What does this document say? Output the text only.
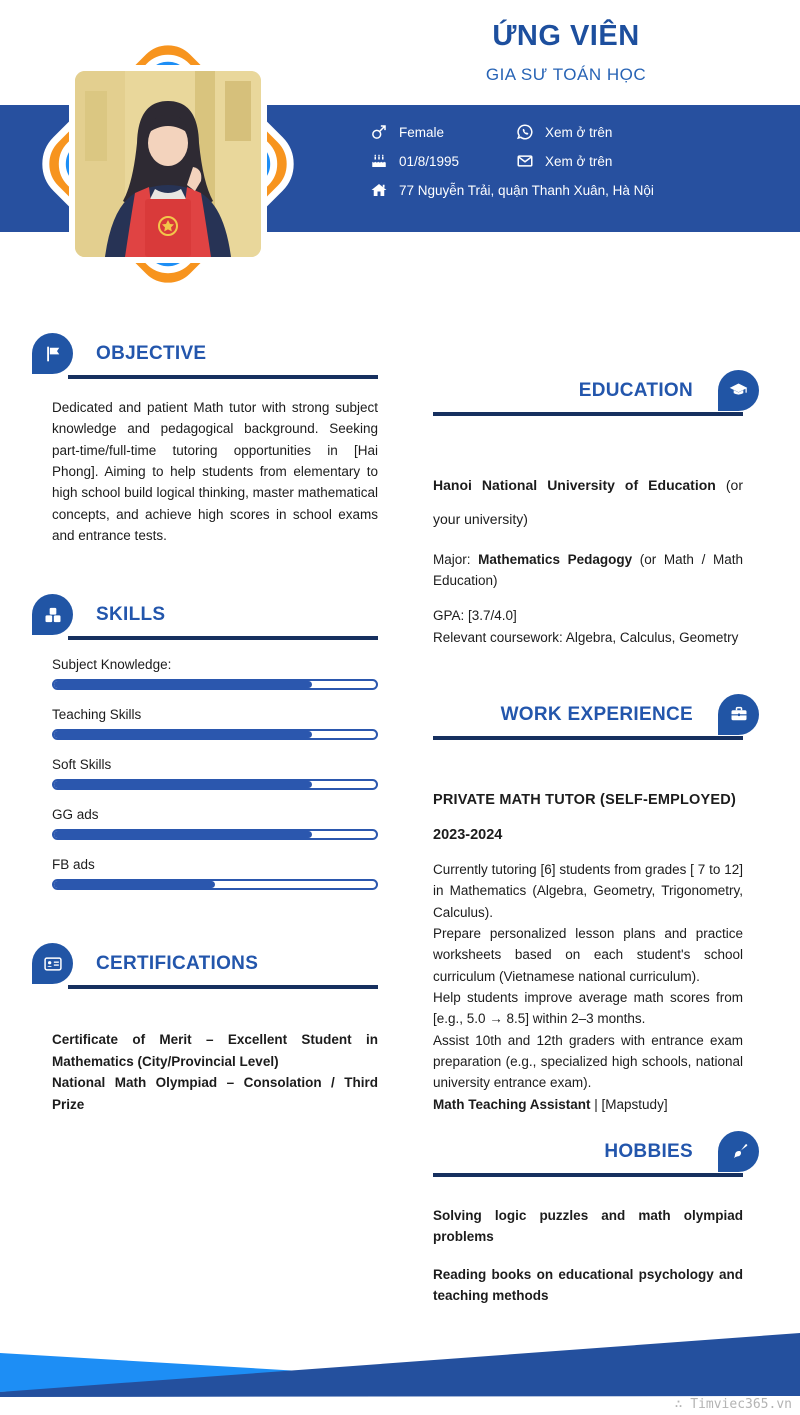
ỨNG VIÊN
GIA SƯ TOÁN HỌC
Female	Xem ở trên
01/8/1995	Xem ở trên
77 Nguyễn Trải, quận Thanh Xuân, Hà Nội
OBJECTIVE

Dedicated and patient Math tutor with strong subject knowledge and pedagogical background. Seeking part-time/full-time tutoring opportunities in [Hai Phong]. Aiming to help students from elementary to high school build logical thinking, master mathematical concepts, and achieve high scores in school exams and entrance tests.

SKILLS
Subject Knowledge:
Teaching Skills
Soft Skills
GG ads
FB ads
CERTIFICATIONS

Certificate of Merit – Excellent Student in Mathematics (City/Provincial Level)

National Math Olympiad – Consolation / Third Prize

EDUCATION

Hanoi National University of Education (or your university)

Major: Mathematics Pedagogy (or Math / Math Education)

GPA: [3.7/4.0]

Relevant coursework: Algebra, Calculus, Geometry

WORK EXPERIENCE

PRIVATE MATH TUTOR (SELF-EMPLOYED)

2023-2024

Currently tutoring [6] students from grades [ 7 to 12] in Mathematics (Algebra, Geometry, Trigonometry, Calculus).

Prepare personalized lesson plans and practice worksheets based on each student's school curriculum (Vietnamese national curriculum).

Help students improve average math scores from [e.g., 5.0 → 8.5] within 2–3 months.

Assist 10th and 12th graders with entrance exam preparation (e.g., specialized high schools, national university entrance exam).

Math Teaching Assistant | [Mapstudy]

HOBBIES

Solving logic puzzles and math olympiad problems

Reading books on educational psychology and teaching methods

∴ Timviec365.vn
